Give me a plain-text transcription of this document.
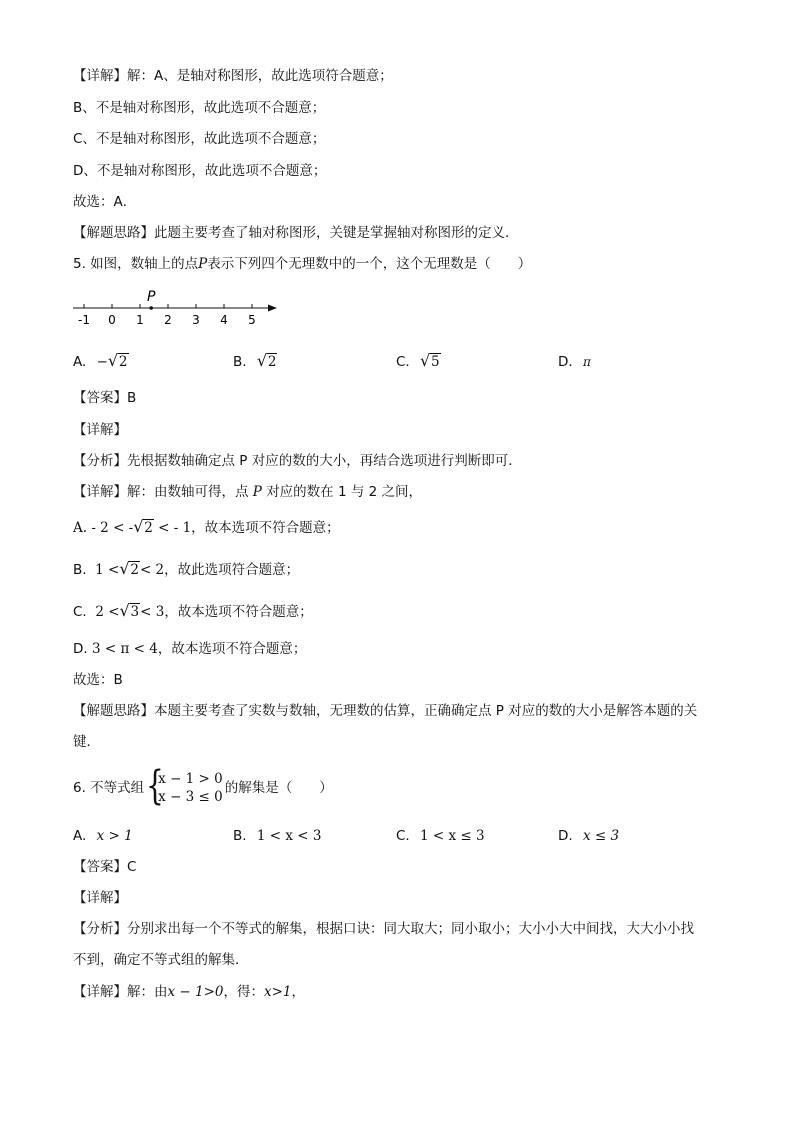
【详解】解：A、是轴对称图形，故此选项符合题意；
B、不是轴对称图形，故此选项不合题意；
C、不是轴对称图形，故此选项不合题意；
D、不是轴对称图形，故此选项不合题意；
故选：A．
【解题思路】此题主要考查了轴对称图形，关键是掌握轴对称图形的定义．
5. 如图，数轴上的点P表示下列四个无理数中的一个，这个无理数是（　　）
-1 0 1 2 3 4 5
P
A. − √ 2	B. √ 2	C. √ 5	D. π
【答案】B
【详解】
【分析】先根据数轴确定点 P 对应的数的大小，再结合选项进行判断即可．
【详解】解：由数轴可得，点 P 对应的数在 1 与 2 之间，
A. - 2 < - √ 2 < - 1，故本选项不符合题意；
B. 1 < √ 2< 2，故此选项符合题意；
C. 2 < √ 3< 3，故本选项不符合题意；
D. 3 < π < 4，故本选项不符合题意；
故选：B
【解题思路】本题主要考查了实数与数轴，无理数的估算，正确确定点 P 对应的数的大小是解答本题的关
键．
6. 不等式组 {
x − 1 > 0
x − 3 ≤ 0
的解集是（　　）
A. x > 1	B. 1 < x < 3	C. 1 < x ≤ 3	D. x ≤ 3
【答案】C
【详解】
【分析】分别求出每一个不等式的解集，根据口诀：同大取大；同小取小；大小小大中间找，大大小小找
不到，确定不等式组的解集．
【详解】解：由x − 1>0，得：x>1，
